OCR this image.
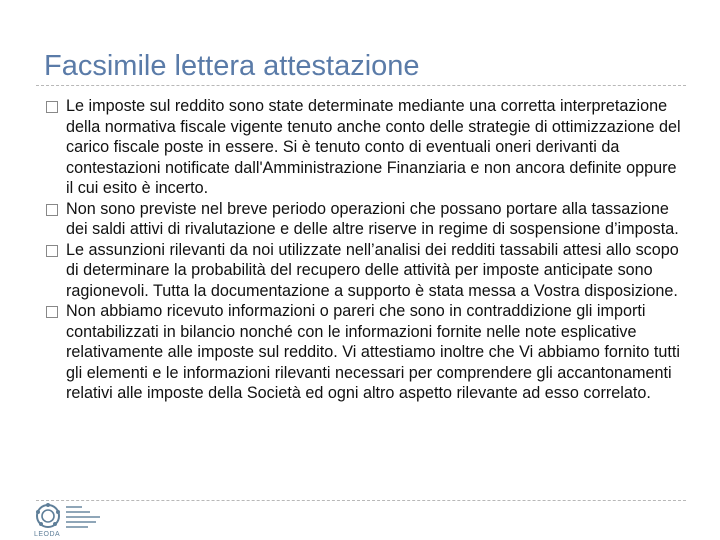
Facsimile lettera attestazione
Le imposte sul reddito sono state determinate mediante una corretta interpretazione della normativa fiscale vigente tenuto anche conto delle strategie di ottimizzazione del carico fiscale poste in essere. Si è tenuto conto di eventuali oneri derivanti da contestazioni notificate dall'Amministrazione Finanziaria e non ancora definite oppure il cui esito è incerto.
Non sono previste nel breve periodo operazioni che possano portare alla tassazione dei saldi attivi di rivalutazione e delle altre riserve in regime di sospensione d’imposta.
Le assunzioni rilevanti da noi utilizzate nell’analisi dei redditi tassabili attesi allo scopo di determinare la probabilità del recupero delle attività per imposte anticipate sono ragionevoli. Tutta la documentazione a supporto è stata messa a Vostra disposizione.
Non abbiamo ricevuto informazioni o pareri che sono in contraddizione gli importi contabilizzati in bilancio nonché con le informazioni fornite nelle note esplicative relativamente alle imposte sul reddito. Vi attestiamo inoltre che Vi abbiamo fornito tutti gli elementi e le informazioni rilevanti necessari per comprendere gli accantonamenti relativi alle imposte della Società ed ogni altro aspetto rilevante ad esso correlato.
LEODA
